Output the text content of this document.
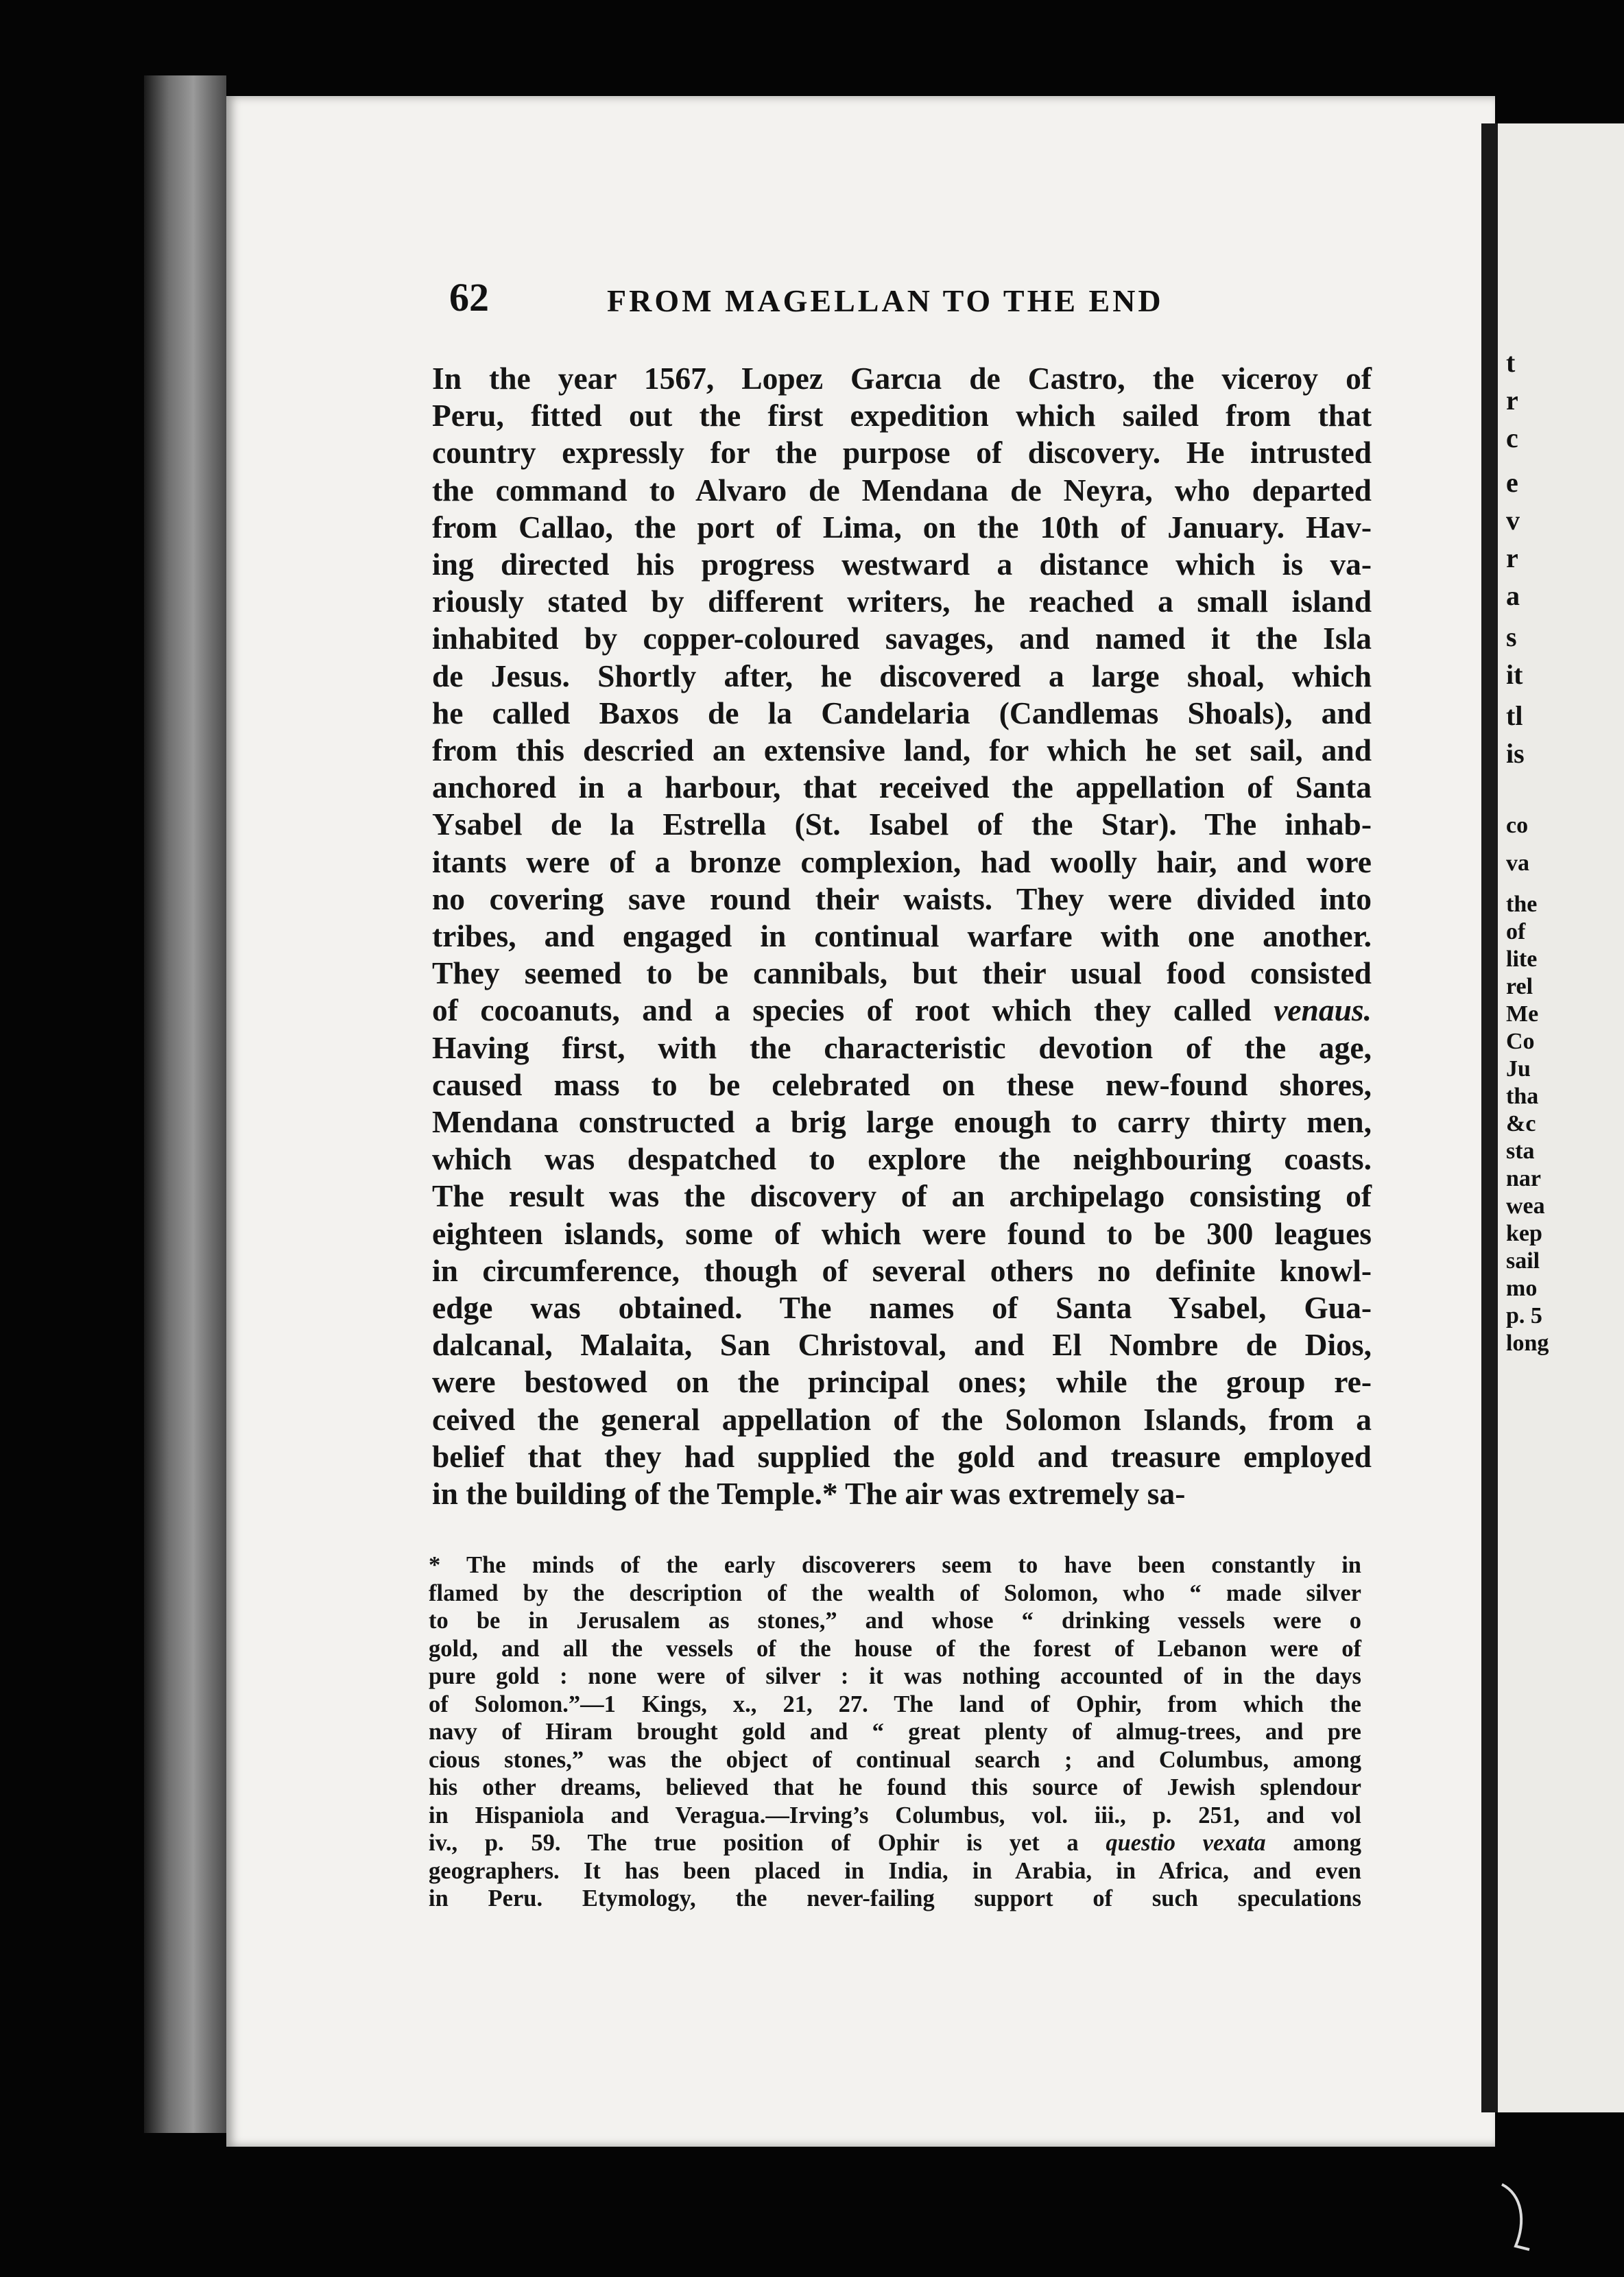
t
r
c
e
v
r
a
s
it
tl
is
co
va
the
of
lite
rel
Me
Co
Ju
tha
&c
sta
nar
wea
kep
sail
mo
p. 5
long
62	FROM MAGELLAN TO THE END
In the year 1567, Lopez Garcıa de Castro, the viceroy of
Peru, fitted out the first expedition which sailed from that
country expressly for the purpose of discovery. He intrusted
the command to Alvaro de Mendana de Neyra, who departed
from Callao, the port of Lima, on the 10th of January. Hav-
ing directed his progress westward a distance which is va-
riously stated by different writers, he reached a small island
inhabited by copper-coloured savages, and named it the Isla
de Jesus. Shortly after, he discovered a large shoal, which
he called Baxos de la Candelaria (Candlemas Shoals), and
from this descried an extensive land, for which he set sail, and
anchored in a harbour, that received the appellation of Santa
Ysabel de la Estrella (St. Isabel of the Star). The inhab-
itants were of a bronze complexion, had woolly hair, and wore
no covering save round their waists. They were divided into
tribes, and engaged in continual warfare with one another.
They seemed to be cannibals, but their usual food consisted
of cocoanuts, and a species of root which they called venaus.
Having first, with the characteristic devotion of the age,
caused mass to be celebrated on these new-found shores,
Mendana constructed a brig large enough to carry thirty men,
which was despatched to explore the neighbouring coasts.
The result was the discovery of an archipelago consisting of
eighteen islands, some of which were found to be 300 leagues
in circumference, though of several others no definite knowl-
edge was obtained. The names of Santa Ysabel, Gua-
dalcanal, Malaita, San Christoval, and El Nombre de Dios,
were bestowed on the principal ones; while the group re-
ceived the general appellation of the Solomon Islands, from a
belief that they had supplied the gold and treasure employed
in the building of the Temple.* The air was extremely sa-
* The minds of the early discoverers seem to have been constantly in
flamed by the description of the wealth of Solomon, who “ made silver
to be in Jerusalem as stones,” and whose “ drinking vessels were o
gold, and all the vessels of the house of the forest of Lebanon were of
pure gold : none were of silver : it was nothing accounted of in the days
of Solomon.”—1 Kings, x., 21, 27. The land of Ophir, from which the
navy of Hiram brought gold and “ great plenty of almug-trees, and pre
cious stones,” was the object of continual search ; and Columbus, among
his other dreams, believed that he found this source of Jewish splendour
in Hispaniola and Veragua.—Irving’s Columbus, vol. iii., p. 251, and vol
iv., p. 59. The true position of Ophir is yet a questio vexata among
geographers. It has been placed in India, in Arabia, in Africa, and even
in Peru. Etymology, the never-failing support of such speculations
